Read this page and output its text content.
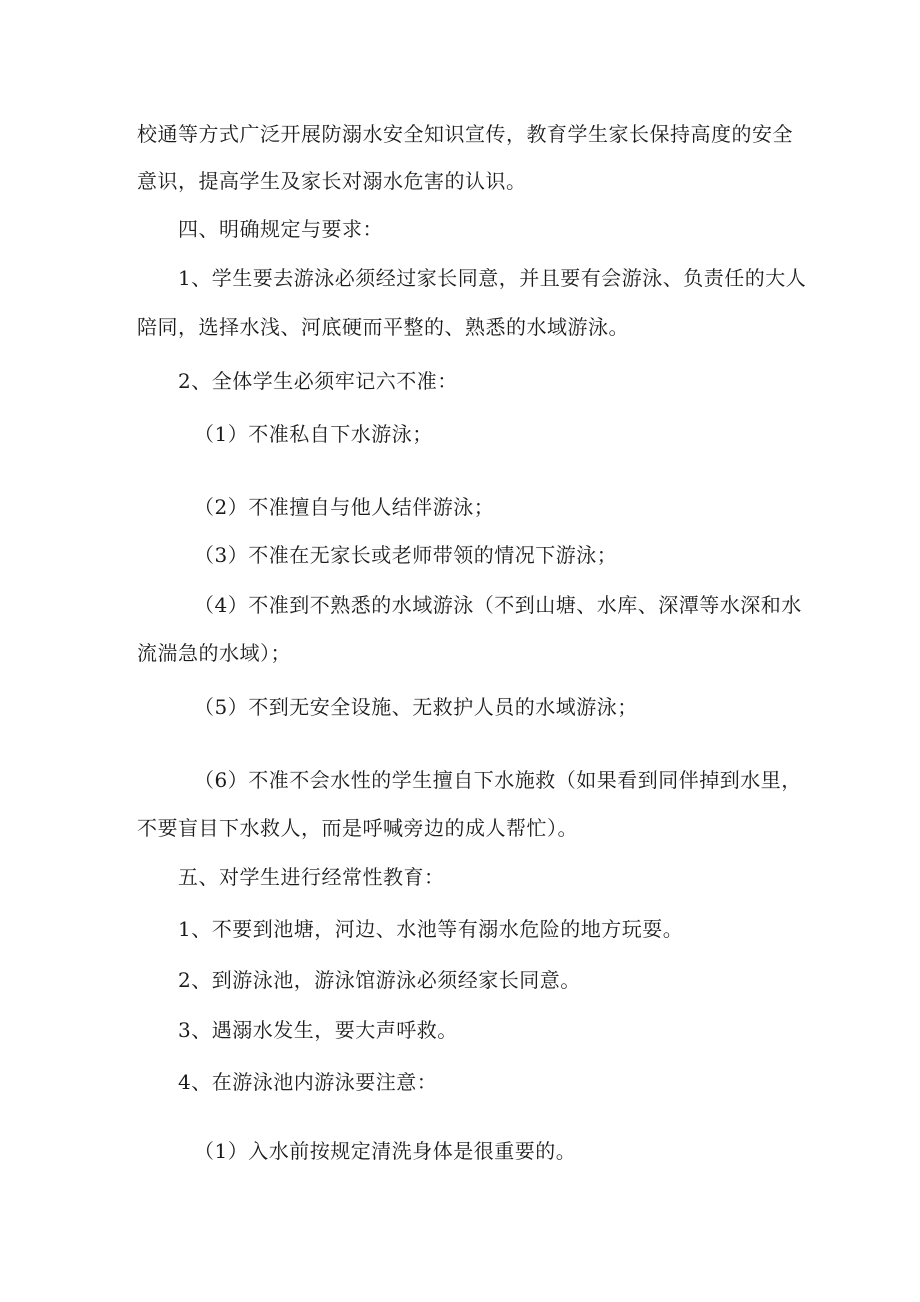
校通等方式广泛开展防溺水安全知识宣传，教育学生家长保持高度的安全
意识，提高学生及家长对溺水危害的认识。
四、明确规定与要求：
1、学生要去游泳必须经过家长同意，并且要有会游泳、负责任的大人
陪同，选择水浅、河底硬而平整的、熟悉的水域游泳。
2、全体学生必须牢记六不准：
（1）不准私自下水游泳；
（2）不准擅自与他人结伴游泳；
（3）不准在无家长或老师带领的情况下游泳；
（4）不准到不熟悉的水域游泳（不到山塘、水库、深潭等水深和水
流湍急的水域）；
（5）不到无安全设施、无救护人员的水域游泳；
（6）不准不会水性的学生擅自下水施救（如果看到同伴掉到水里，
不要盲目下水救人，而是呼喊旁边的成人帮忙）。
五、对学生进行经常性教育：
1、不要到池塘，河边、水池等有溺水危险的地方玩耍。
2、到游泳池，游泳馆游泳必须经家长同意。
3、遇溺水发生，要大声呼救。
4、在游泳池内游泳要注意：
（1）入水前按规定清洗身体是很重要的。
